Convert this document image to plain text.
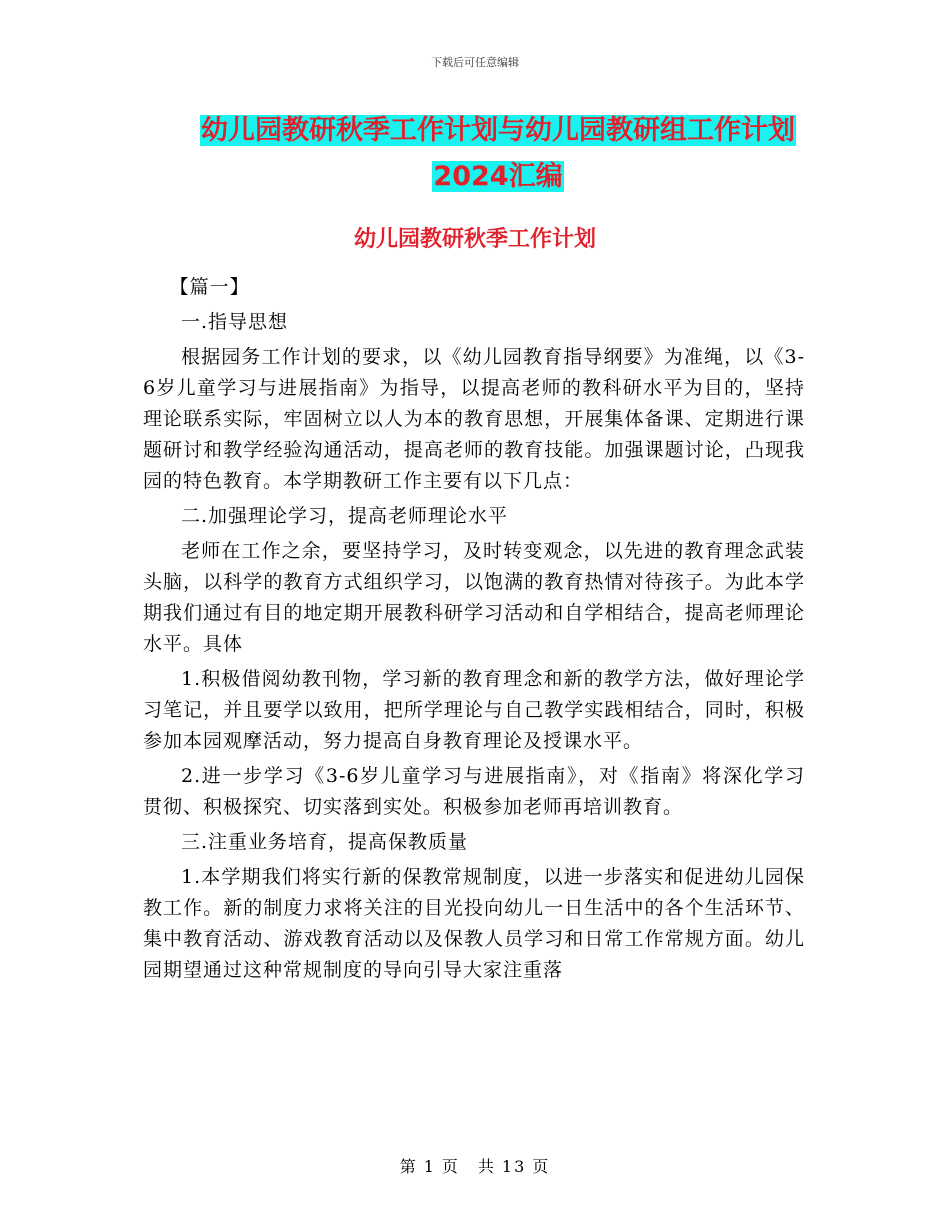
下载后可任意编辑
幼儿园教研秋季工作计划与幼儿园教研组工作计划
2024汇编
幼儿园教研秋季工作计划

【篇一】

一.指导思想

根据园务工作计划的要求，以《幼儿园教育指导纲要》为准绳，以《3-6岁儿童学习与进展指南》为指导，以提高老师的教科研水平为目的，坚持理论联系实际，牢固树立以人为本的教育思想，开展集体备课、定期进行课题研讨和教学经验沟通活动，提高老师的教育技能。加强课题讨论，凸现我园的特色教育。本学期教研工作主要有以下几点：

二.加强理论学习，提高老师理论水平

老师在工作之余，要坚持学习，及时转变观念，以先进的教育理念武装头脑，以科学的教育方式组织学习，以饱满的教育热情对待孩子。为此本学期我们通过有目的地定期开展教科研学习活动和自学相结合，提高老师理论水平。具体

1.积极借阅幼教刊物，学习新的教育理念和新的教学方法，做好理论学习笔记，并且要学以致用，把所学理论与自己教学实践相结合，同时，积极参加本园观摩活动，努力提高自身教育理论及授课水平。

2.进一步学习《3-6岁儿童学习与进展指南》，对《指南》将深化学习贯彻、积极探究、切实落到实处。积极参加老师再培训教育。

三.注重业务培育，提高保教质量

1.本学期我们将实行新的保教常规制度，以进一步落实和促进幼儿园保教工作。新的制度力求将关注的目光投向幼儿一日生活中的各个生活环节、集中教育活动、游戏教育活动以及保教人员学习和日常工作常规方面。幼儿园期望通过这种常规制度的导向引导大家注重落

第 1 页　共 13 页
